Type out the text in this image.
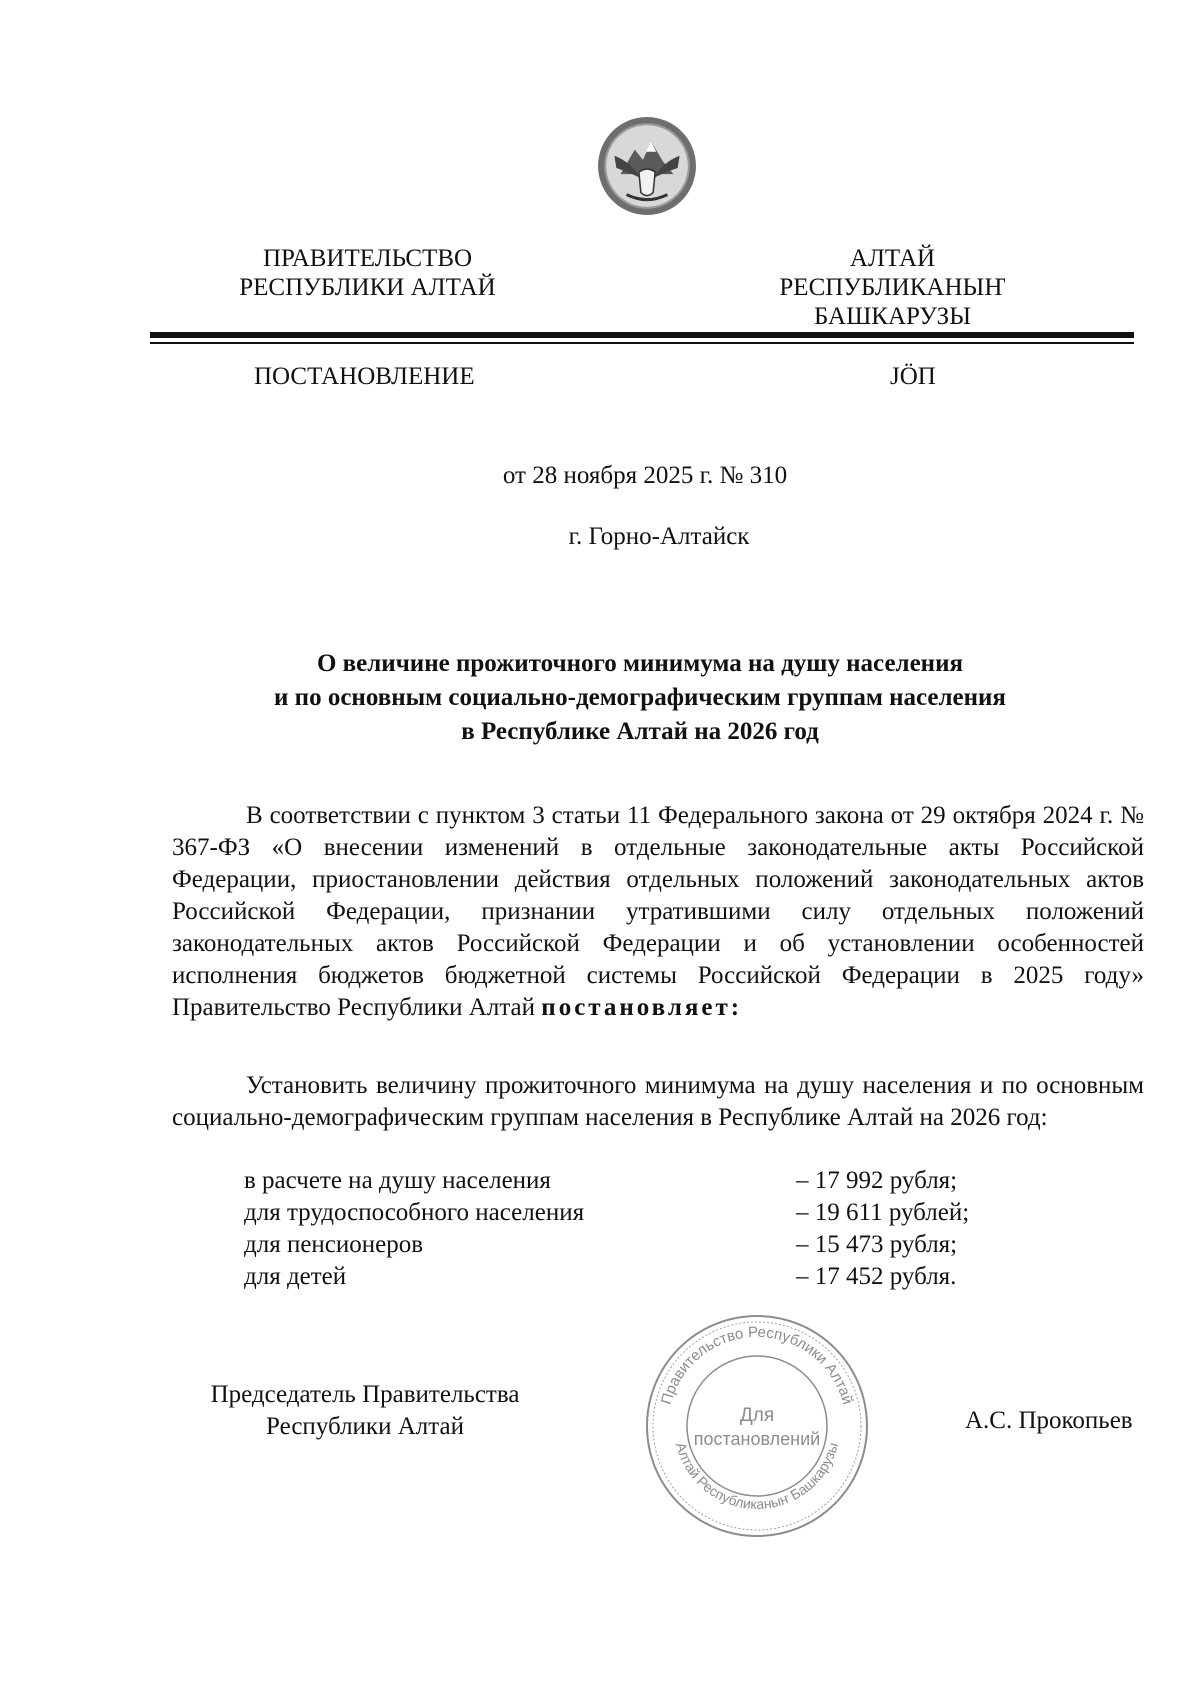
ПРАВИТЕЛЬСТВО
РЕСПУБЛИКИ АЛТАЙ
АЛТАЙ РЕСПУБЛИКАНЫҤ
БАШКАРУЗЫ
ПОСТАНОВЛЕНИЕ	JÖП
от 28 ноября 2025 г. № 310
г. Горно-Алтайск
О величине прожиточного минимума на душу населения
и по основным социально-демографическим группам населения
в Республике Алтай на 2026 год

В соответствии с пунктом 3 статьи 11 Федерального закона от 29 октября 2024 г. № 367-ФЗ «О внесении изменений в отдельные законодательные акты Российской Федерации, приостановлении действия отдельных положений законодательных актов Российской Федерации, признании утратившими силу отдельных положений законодательных актов Российской Федерации и об установлении особенностей исполнения бюджетов бюджетной системы Российской Федерации в 2025 году» Правительство Республики Алтай постановляет:

Установить величину прожиточного минимума на душу населения и по основным социально-демографическим группам населения в Республике Алтай на 2026 год:

в расчете на душу населения	– 17 992 рубля;
для трудоспособного населения	– 19 611 рублей;
для пенсионеров	– 15 473 рубля;
для детей	– 17 452 рубля.
Председатель Правительства
Республики Алтай	А.С. Прокопьев
Правительство Республики Алтай
Алтай Республиканыҥ Башкарузы
Для
постановлений
